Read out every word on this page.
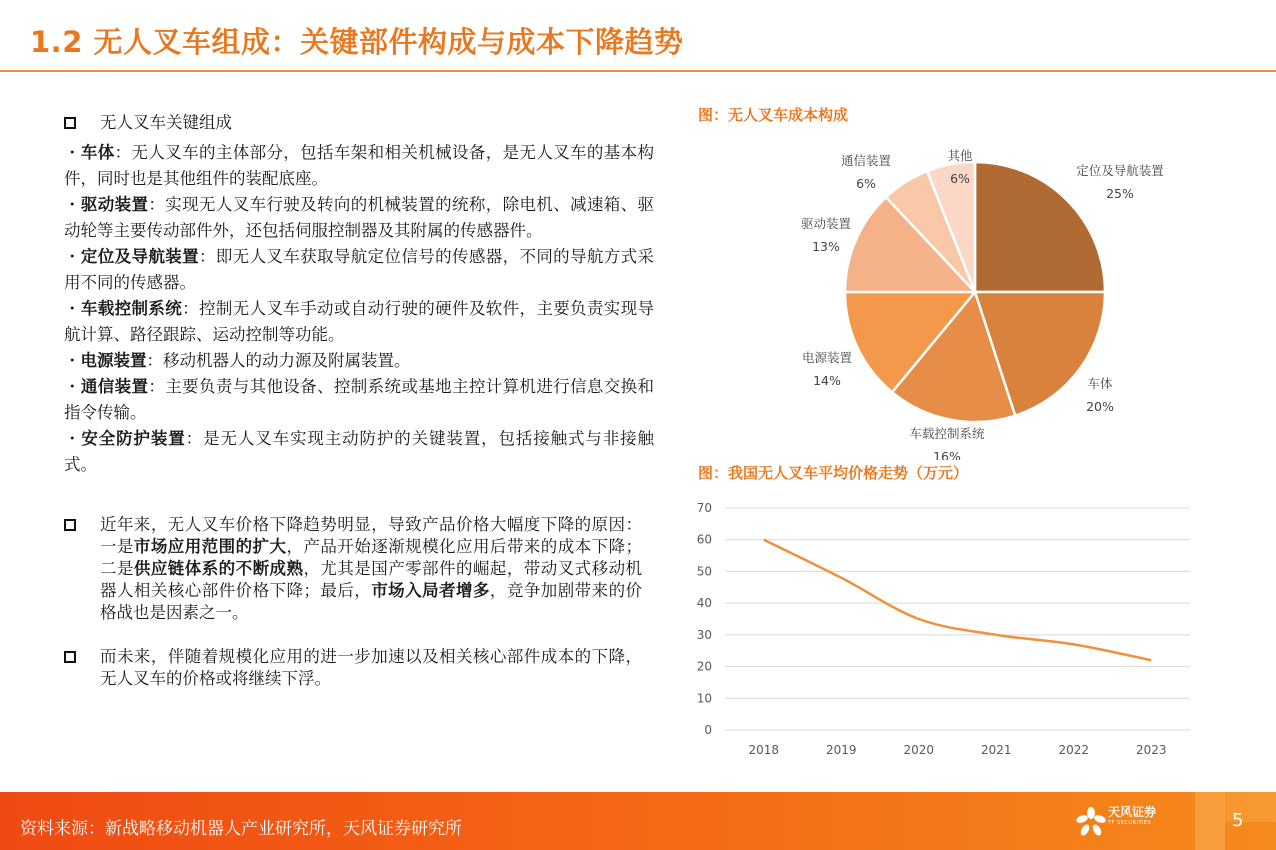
1.2 无人叉车组成：关键部件构成与成本下降趋势
无人叉车关键组成
・车体：无人叉车的主体部分，包括车架和相关机械设备，是无人叉车的基本构件，同时也是其他组件的装配底座。
・驱动装置：实现无人叉车行驶及转向的机械装置的统称，除电机、减速箱、驱动轮等主要传动部件外，还包括伺服控制器及其附属的传感器件。
・定位及导航装置：即无人叉车获取导航定位信号的传感器，不同的导航方式采用不同的传感器。
・车载控制系统：控制无人叉车手动或自动行驶的硬件及软件，主要负责实现导航计算、路径跟踪、运动控制等功能。
・电源装置：移动机器人的动力源及附属装置。
・通信装置：主要负责与其他设备、控制系统或基地主控计算机进行信息交换和指令传输。
・安全防护装置：是无人叉车实现主动防护的关键装置，包括接触式与非接触式。
近年来，无人叉车价格下降趋势明显，导致产品价格大幅度下降的原因：一是市场应用范围的扩大，产品开始逐渐规模化应用后带来的成本下降；二是供应链体系的不断成熟，尤其是国产零部件的崛起，带动叉式移动机器人相关核心部件价格下降；最后，市场入局者增多，竞争加剧带来的价格战也是因素之一。
而未来，伴随着规模化应用的进一步加速以及相关核心部件成本的下降，无人叉车的价格或将继续下浮。
图：无人叉车成本构成
定位及导航装置
25%
车体
20%
车载控制系统
16%
电源装置
14%
驱动装置
13%
通信装置
6%
其他
6%
图：我国无人叉车平均价格走势（万元）
0
10
20
30
40
50
60
70
2018	2019	2020	2021	2022	2023
资料来源：新战略移动机器人产业研究所，天风证券研究所
天风证券
TF SECURITIES	5
